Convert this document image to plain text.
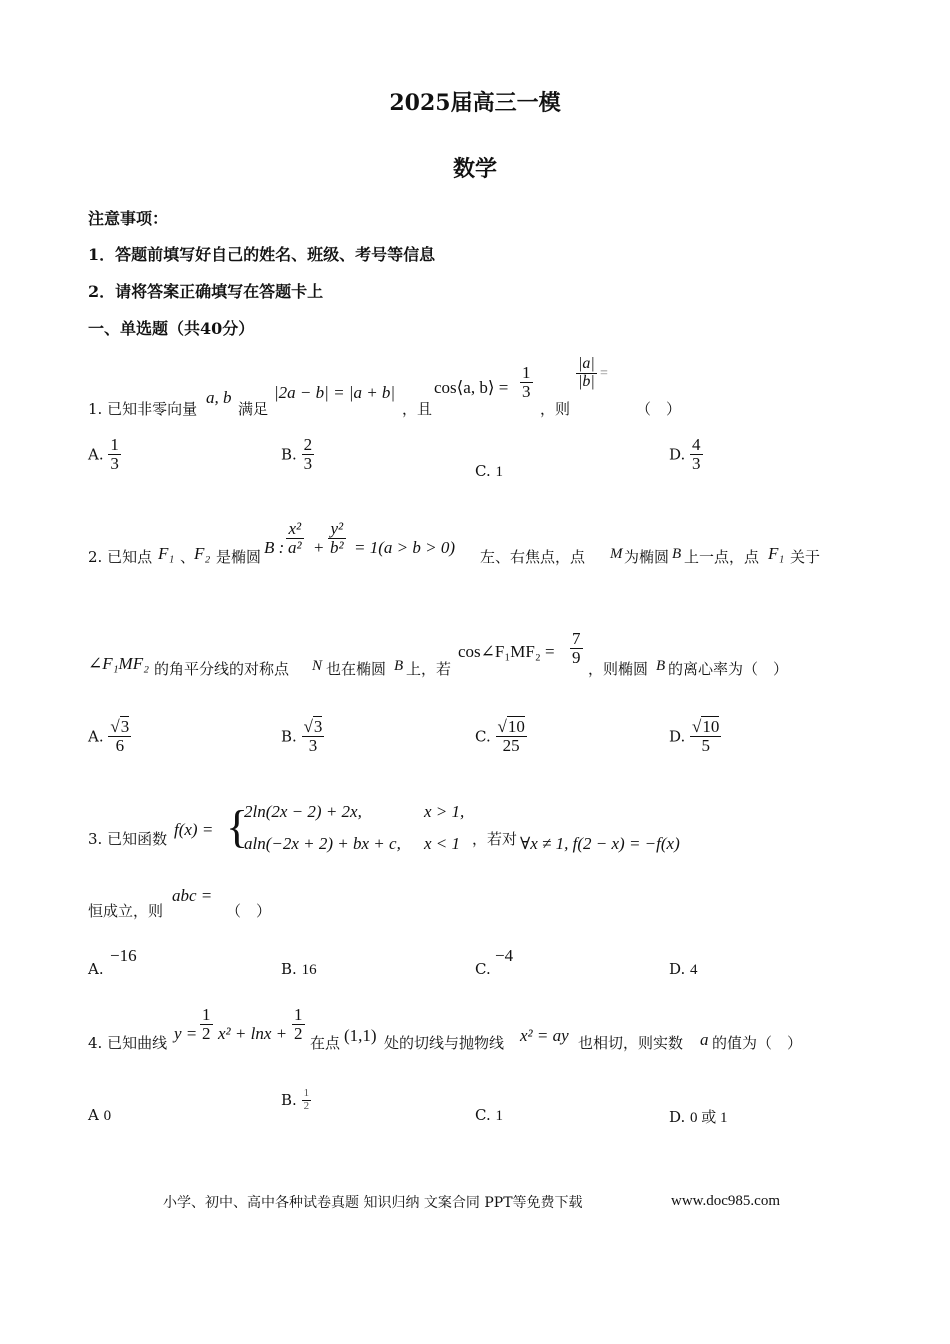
2025届高三一模
数学
注意事项：
1．答题前填写好自己的姓名、班级、考号等信息
2．请将答案正确填写在答题卡上
一、单选题（共40分）
1. 已知非零向量
a, b
满足
|2a − b| = |a + b|
，且
cos⟨a, b⟩ = $\frac{1}{3}$
，则
$\frac{|a|}{|b|}$ =
（　）
A. $\frac{1}{3}$	B. $\frac{2}{3}$	C. 1
D. $\frac{4}{3}$
2. 已知点 F₁ 、
F₂ 是椭圆 B : $\frac{\text{x²}}{\text{a²}} + \frac{\text{y²}}{\text{b²}} = 1(a > b > 0)$ 左、右焦点，点 M 为椭圆 B 上一点，点 F₁ 关于
∠F₁MF₂ 的角平分线的对称点 N 也在椭圆 B 上，若
cos∠F₁MF₂ = $\frac{7}{9}$
，则椭圆 B 的离心率为（　）
A. $\frac{√3}{6}$	B. $\frac{√3}{3}$	C. $\frac{√10}{25}$	D. $\frac{√10}{5}$
3. 已知函数 f(x) = {
2ln(2x − 2) + 2x,	x > 1,
aln(−2x + 2) + bx + c, x < 1 ，若对 ∀x ≠ 1, f(2 − x) = −f(x)
恒成立，则
abc =
（　）
A.
−16
B. 16	C.
−4
D. 4
4. 已知曲线 $y = \frac{1}{2} x^2 + \ln x + \frac{1}{2}$
在点 (1,1) 处的切线与抛物线 x² = ay 也相切，则实数 a 的值为（　）
A 0
B. $\frac{1}{2}$
C. 1	D. 0 或 1
小学、初中、高中各种试卷真题 知识归纳 文案合同 PPT等免费下载	www.doc985.com
